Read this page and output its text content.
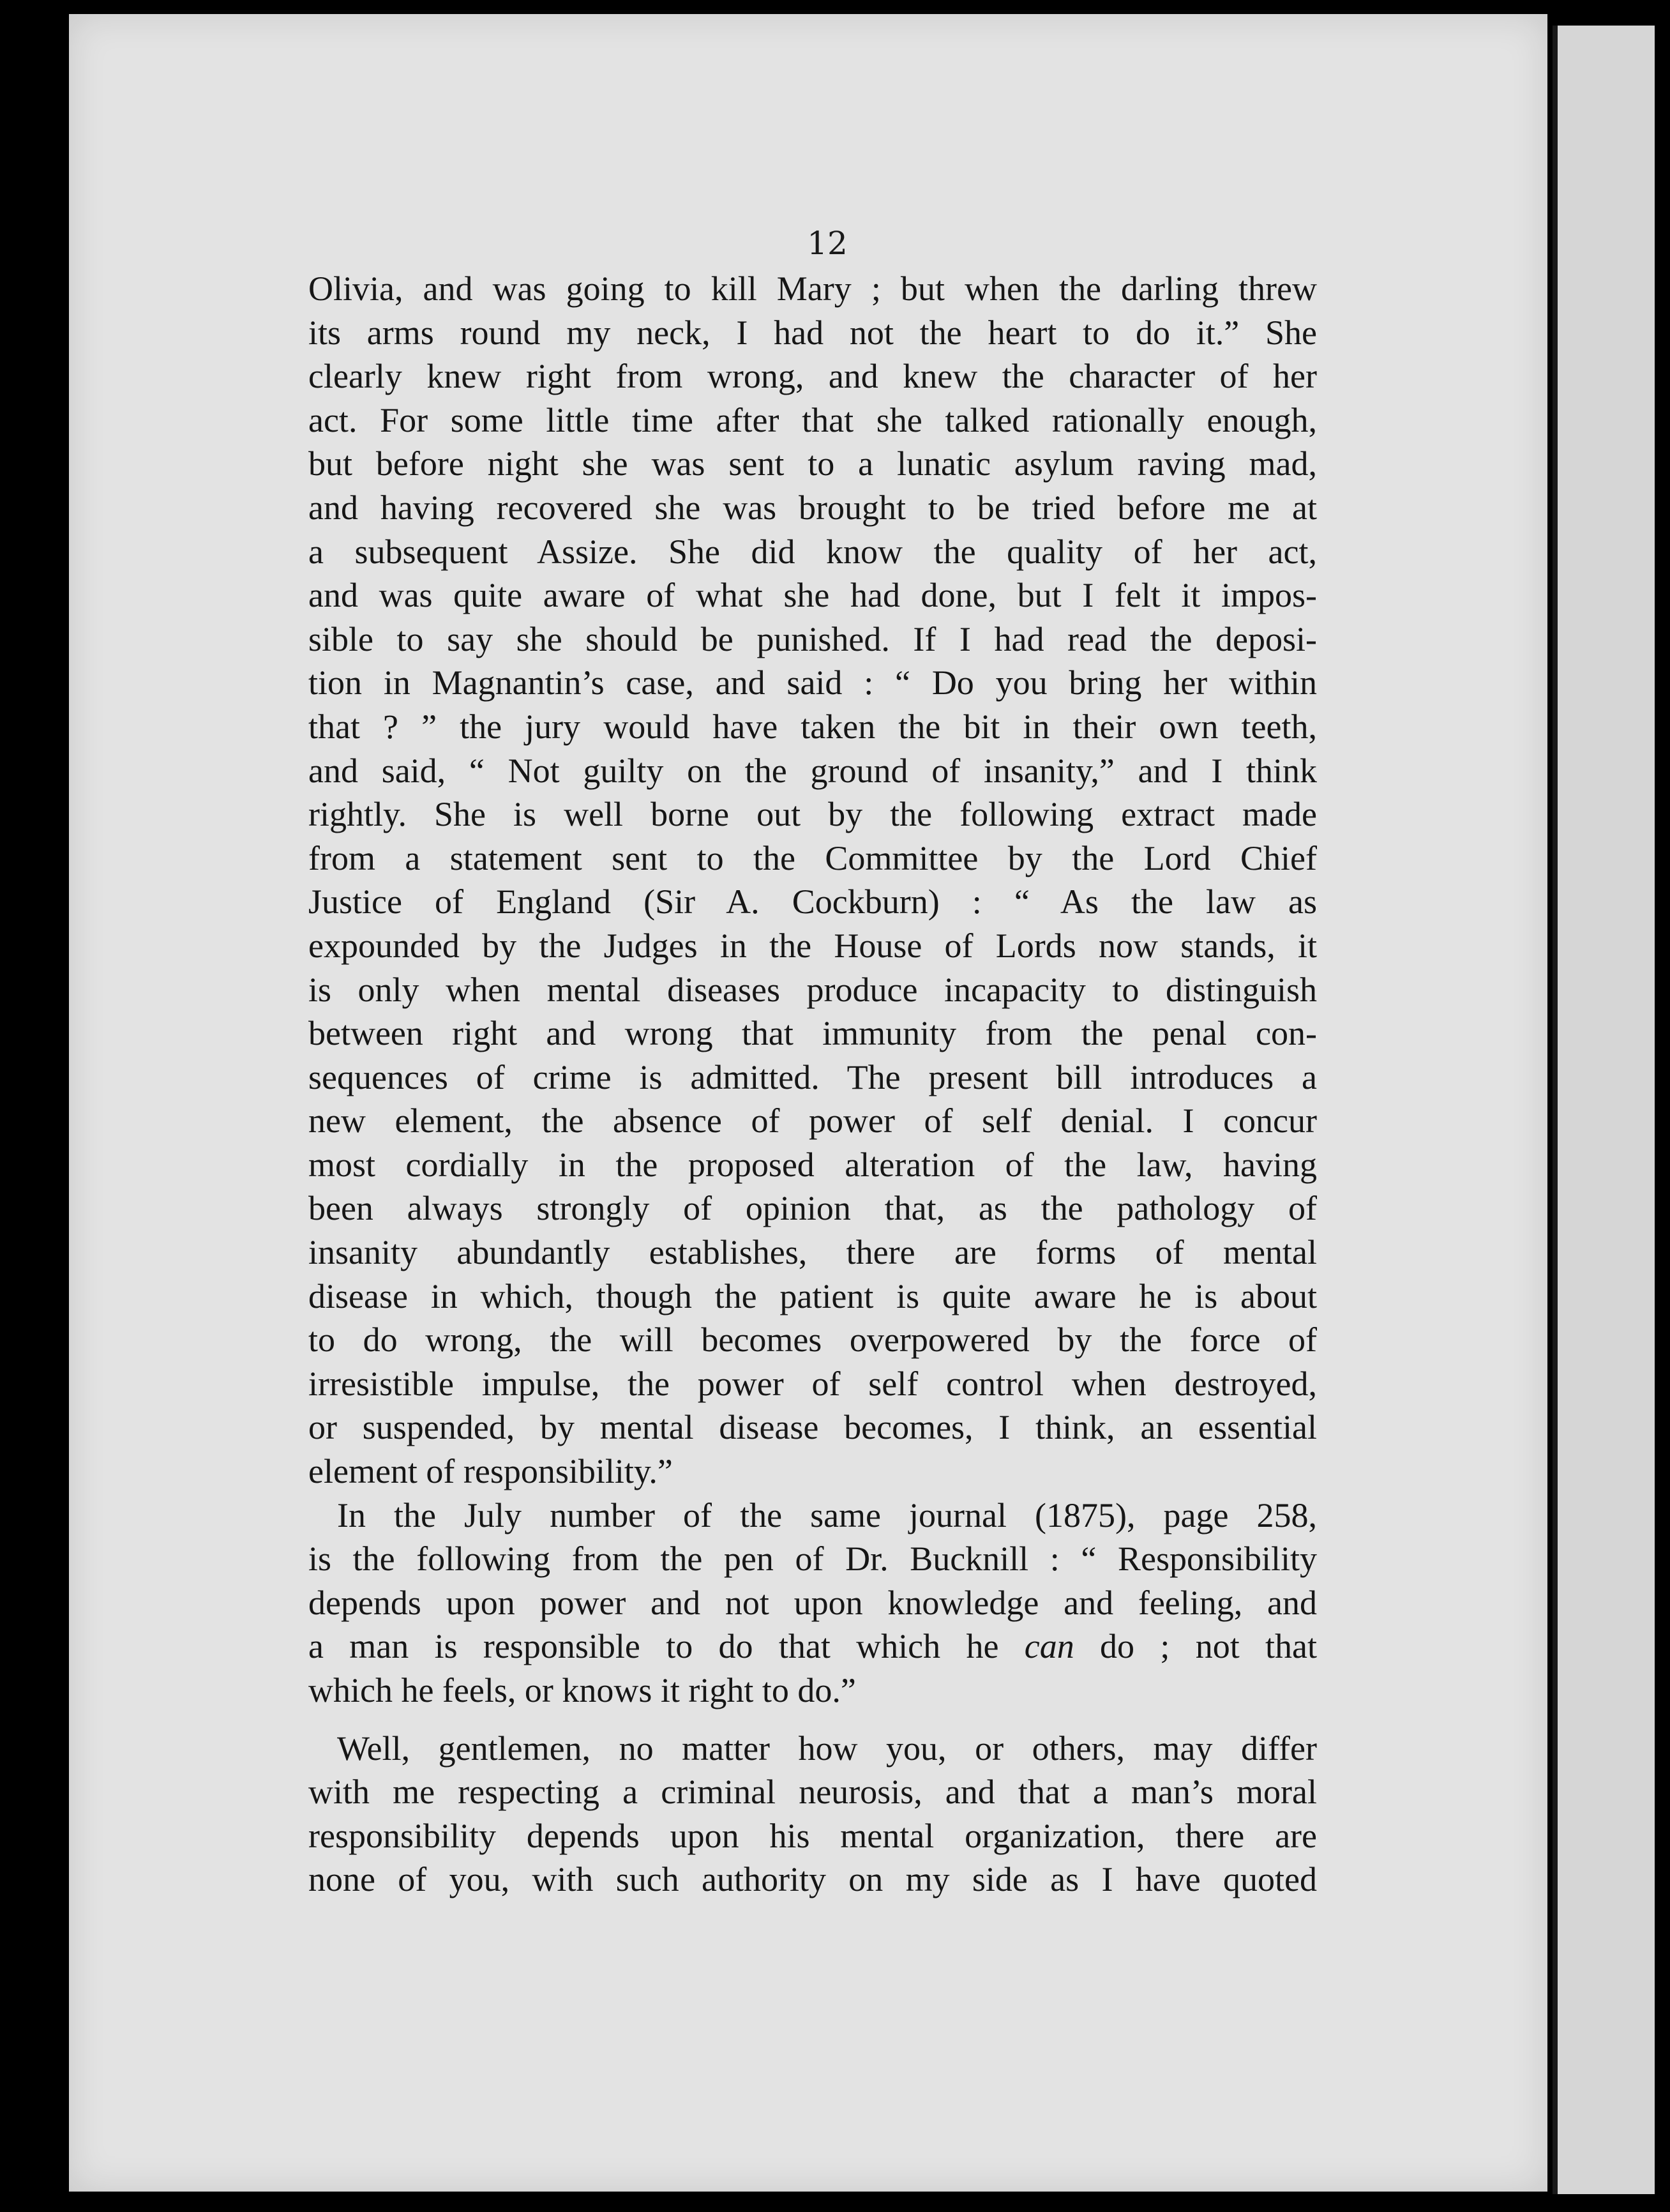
12

Olivia, and was going to kill Mary ; but when the darling threw
its arms round my neck, I had not the heart to do it.” She
clearly knew right from wrong, and knew the character of her
act. For some little time after that she talked rationally enough,
but before night she was sent to a lunatic asylum raving mad,
and having recovered she was brought to be tried before me at
a subsequent Assize. She did know the quality of her act,
and was quite aware of what she had done, but I felt it impos-
sible to say she should be punished. If I had read the deposi-
tion in Magnantin’s case, and said : “ Do you bring her within
that ? ” the jury would have taken the bit in their own teeth,
and said, “ Not guilty on the ground of insanity,” and I think
rightly. She is well borne out by the following extract made
from a statement sent to the Committee by the Lord Chief
Justice of England (Sir A. Cockburn) : “ As the law as
expounded by the Judges in the House of Lords now stands, it
is only when mental diseases produce incapacity to distinguish
between right and wrong that immunity from the penal con-
sequences of crime is admitted. The present bill introduces a
new element, the absence of power of self denial. I concur
most cordially in the proposed alteration of the law, having
been always strongly of opinion that, as the pathology of
insanity abundantly establishes, there are forms of mental
disease in which, though the patient is quite aware he is about
to do wrong, the will becomes overpowered by the force of
irresistible impulse, the power of self control when destroyed,
or suspended, by mental disease becomes, I think, an essential
element of responsibility.”

In the July number of the same journal (1875), page 258,
is the following from the pen of Dr. Bucknill : “ Responsibility
depends upon power and not upon knowledge and feeling, and
a man is responsible to do that which he can do ; not that
which he feels, or knows it right to do.”

Well, gentlemen, no matter how you, or others, may differ
with me respecting a criminal neurosis, and that a man’s moral
responsibility depends upon his mental organization, there are
none of you, with such authority on my side as I have quoted
